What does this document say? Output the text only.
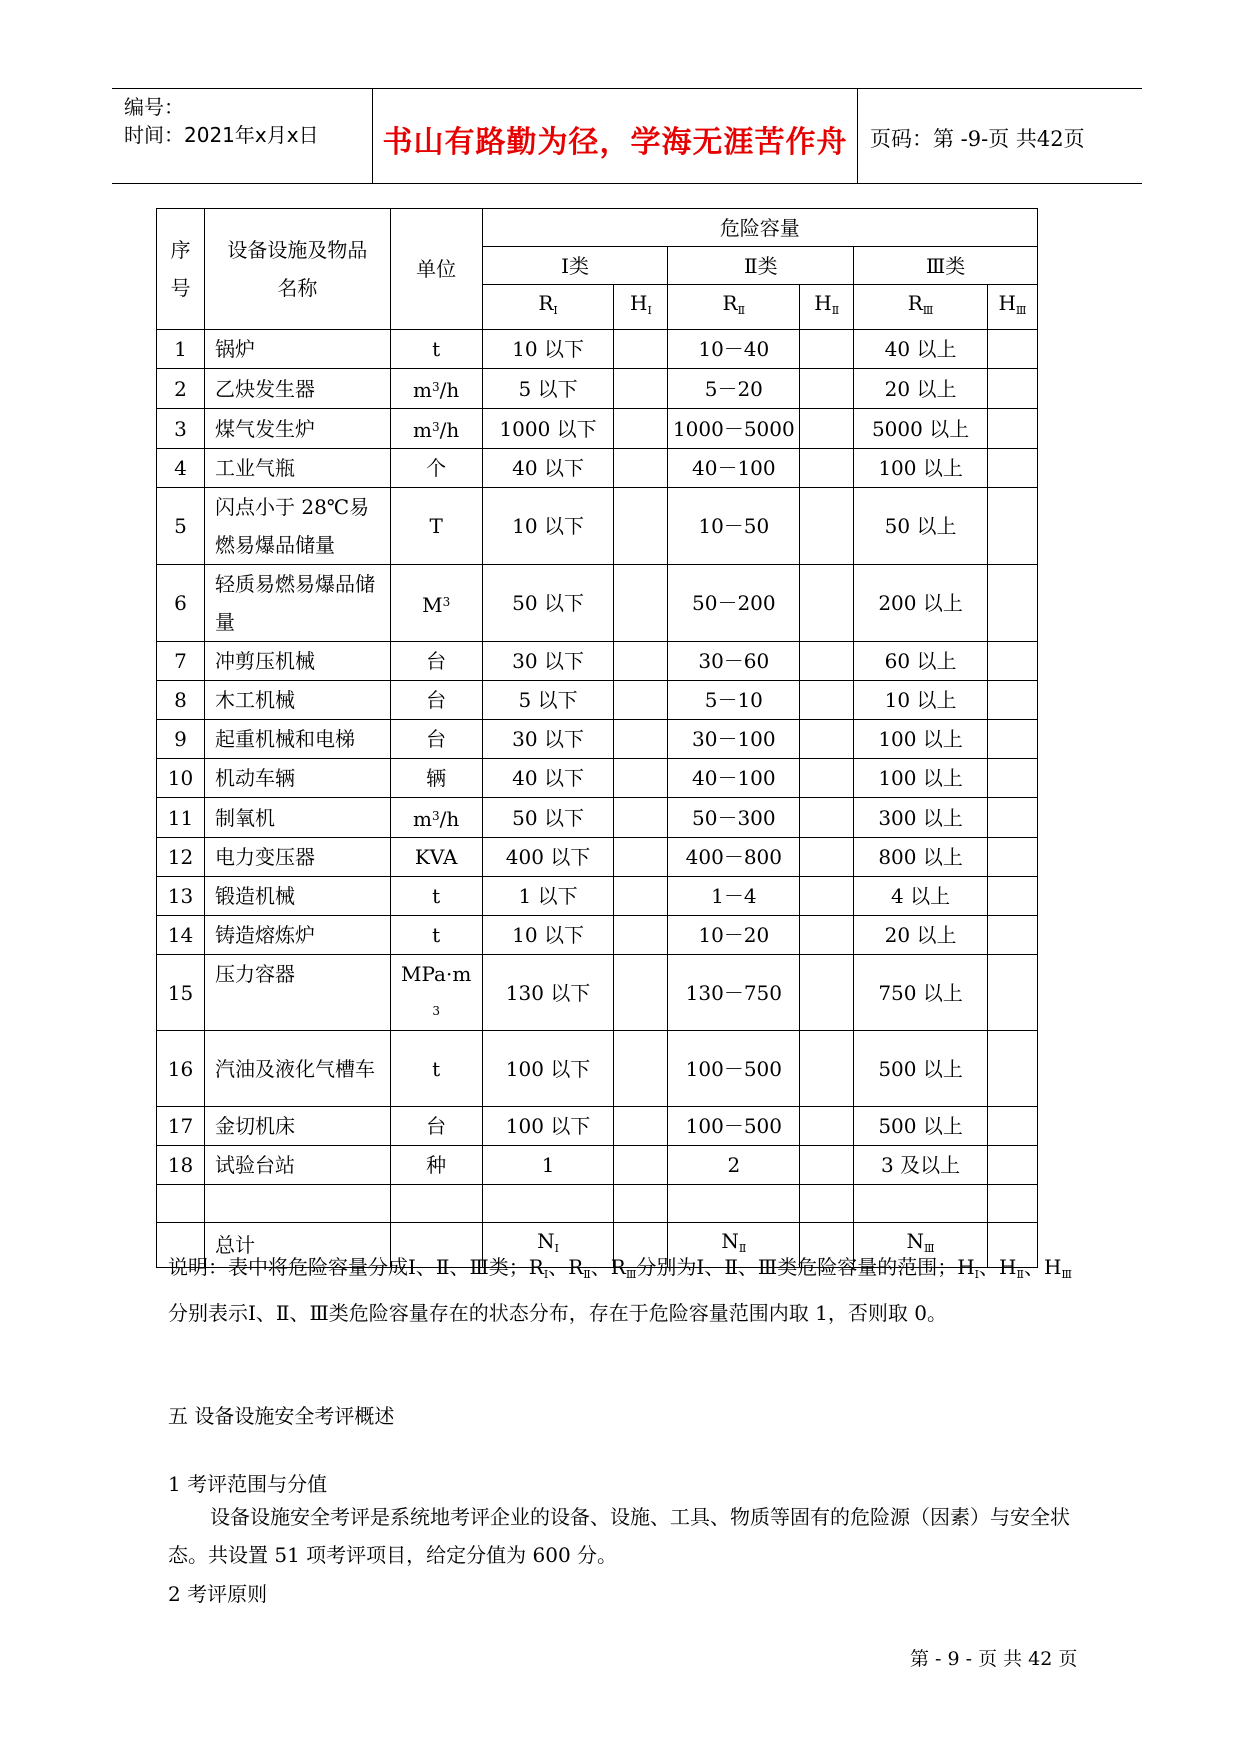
编号：
时间：2021年x月x日	书山有路勤为径，学海无涯苦作舟	页码：第 -9-页 共42页
序号	设备设施及物品名称	单位	危险容量					
			Ⅰ类		Ⅱ类		Ⅲ类	
			$R_Ⅰ$	$H_Ⅰ$	$R_Ⅱ$	$H_Ⅱ$	$R_Ⅲ$	$H_Ⅲ$
1	锅炉	t	10 以下		10－40		40 以上	
2	乙炔发生器	$m^3/h$	5 以下		5－20		20 以上	
3	煤气发生炉	$m^3/h$	1000 以下		1000－5000		5000 以上	
4	工业气瓶	个	40 以下		40－100		100 以上	
5	闪点小于 28℃易燃易爆品储量	T	10 以下		10－50		50 以上	
6	轻质易燃易爆品储量	$M^3$	50 以下		50－200		200 以上	
7	冲剪压机械	台	30 以下		30－60		60 以上	
8	木工机械	台	5 以下		5－10		10 以上	
9	起重机械和电梯	台	30 以下		30－100		100 以上	
10	机动车辆	辆	40 以下		40－100		100 以上	
11	制氧机	$m^3/h$	50 以下		50－300		300 以上	
12	电力变压器	KVA	400 以下		400－800		800 以上	
13	锻造机械	t	1 以下		1－4		4 以上	
14	铸造熔炼炉	t	10 以下		10－20		20 以上	
15	压力容器	MPa·m
$_3$	130 以下		130－750		750 以上	
16	汽油及液化气槽车	t	100 以下		100－500		500 以上	
17	金切机床	台	100 以下		100－500		500 以上	
18	试验台站	种	1		2		3 及以上	

	总计		$N_Ⅰ$		$N_Ⅱ$		$N_Ⅲ$	
说明：表中将危险容量分成Ⅰ、Ⅱ、Ⅲ类；$R_Ⅰ$、$R_Ⅱ$、$R_Ⅲ$分别为Ⅰ、Ⅱ、Ⅲ类危险容量的范围；$H_Ⅰ$、$H_Ⅱ$、$H_Ⅲ$分别表示Ⅰ、Ⅱ、Ⅲ类危险容量存在的状态分布，存在于危险容量范围内取 1，否则取 0。
五 设备设施安全考评概述
1 考评范围与分值
设备设施安全考评是系统地考评企业的设备、设施、工具、物质等固有的危险源（因素）与安全状态。共设置 51 项考评项目，给定分值为 600 分。
2 考评原则
第 - 9 - 页 共 42 页
